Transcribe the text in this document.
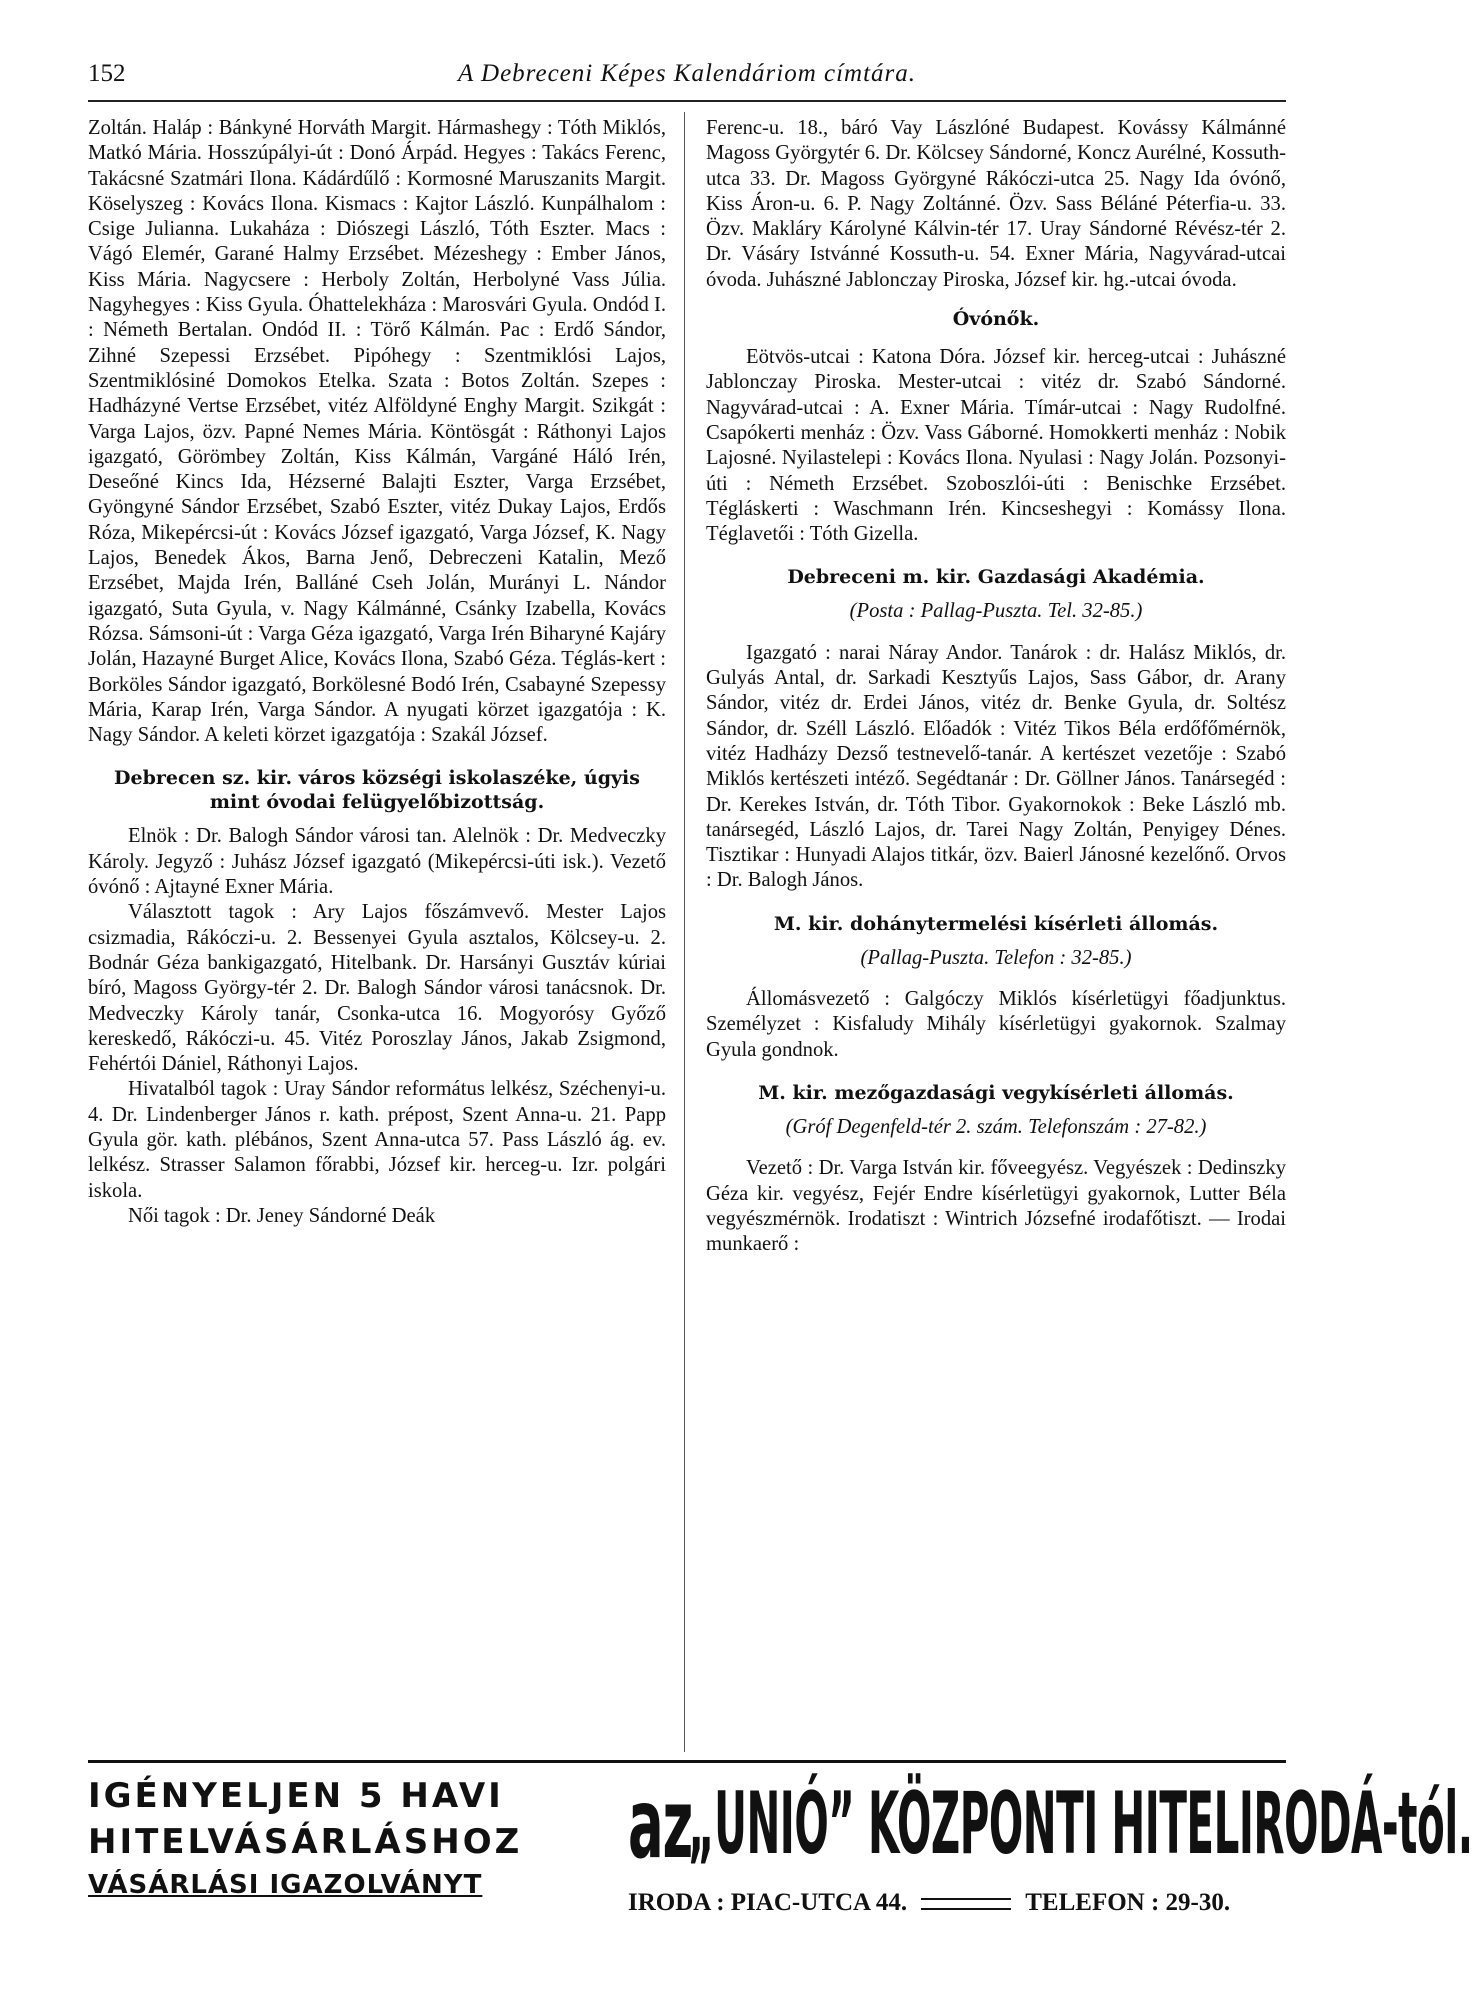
152	A Debreceni Képes Kalendáriom címtára.

Zoltán. Haláp : Bánkyné Horváth Margit. Hármashegy : Tóth Miklós, Matkó Mária. Hosszúpályi-út : Donó Árpád. Hegyes : Takács Ferenc, Takácsné Szatmári Ilona. Kádárdűlő : Kormosné Maruszanits Margit. Köselyszeg : Kovács Ilona. Kismacs : Kajtor László. Kunpálhalom : Csige Julianna. Lukaháza : Diószegi László, Tóth Eszter. Macs : Vágó Elemér, Garané Halmy Erzsébet. Mézeshegy : Ember János, Kiss Mária. Nagycsere : Herboly Zoltán, Herbolyné Vass Júlia. Nagyhegyes : Kiss Gyula. Óhattelekháza : Marosvári Gyula. Ondód I. : Németh Bertalan. Ondód II. : Törő Kálmán. Pac : Erdő Sándor, Zihné Szepessi Erzsébet. Pipóhegy : Szentmiklósi Lajos, Szentmiklósiné Domokos Etelka. Szata : Botos Zoltán. Szepes : Hadházyné Vertse Erzsébet, vitéz Alföldyné Enghy Margit. Szikgát : Varga Lajos, özv. Papné Nemes Mária. Köntösgát : Ráthonyi Lajos igazgató, Görömbey Zoltán, Kiss Kálmán, Vargáné Háló Irén, Deseőné Kincs Ida, Hézserné Balajti Eszter, Varga Erzsébet, Gyöngyné Sándor Erzsébet, Szabó Eszter, vitéz Dukay Lajos, Erdős Róza, Mikepércsi-út : Kovács József igazgató, Varga József, K. Nagy Lajos, Benedek Ákos, Barna Jenő, Debreczeni Katalin, Mező Erzsébet, Majda Irén, Balláné Cseh Jolán, Murányi L. Nándor igazgató, Suta Gyula, v. Nagy Kálmánné, Csánky Izabella, Kovács Rózsa. Sámsoni-út : Varga Géza igazgató, Varga Irén Biharyné Kajáry Jolán, Hazayné Burget Alice, Kovács Ilona, Szabó Géza. Téglás-kert : Borköles Sándor igazgató, Borkölesné Bodó Irén, Csabayné Szepessy Mária, Karap Irén, Varga Sándor. A nyugati körzet igazgatója : K. Nagy Sándor. A keleti körzet igazgatója : Szakál József.

Debrecen sz. kir. város községi iskolaszéke, úgyis mint óvodai felügyelőbizottság.

Elnök : Dr. Balogh Sándor városi tan. Alelnök : Dr. Medveczky Károly. Jegyző : Juhász József igazgató (Mikepércsi-úti isk.). Vezető óvónő : Ajtayné Exner Mária.

Választott tagok : Ary Lajos főszámvevő. Mester Lajos csizmadia, Rákóczi-u. 2. Bessenyei Gyula asztalos, Kölcsey-u. 2. Bodnár Géza bankigazgató, Hitelbank. Dr. Harsányi Gusztáv kúriai bíró, Magoss György-tér 2. Dr. Balogh Sándor városi tanácsnok. Dr. Medveczky Károly tanár, Csonka-utca 16. Mogyorósy Győző kereskedő, Rákóczi-u. 45. Vitéz Poroszlay János, Jakab Zsigmond, Fehértói Dániel, Ráthonyi Lajos.

Hivatalból tagok : Uray Sándor református lelkész, Széchenyi-u. 4. Dr. Lindenberger János r. kath. prépost, Szent Anna-u. 21. Papp Gyula gör. kath. plébános, Szent Anna-utca 57. Pass László ág. ev. lelkész. Strasser Salamon főrabbi, József kir. herceg-u. Izr. polgári iskola.

Női tagok : Dr. Jeney Sándorné Deák

Ferenc-u. 18., báró Vay Lászlóné Budapest. Kovássy Kálmánné Magoss Györgytér 6. Dr. Kölcsey Sándorné, Koncz Aurélné, Kossuth-utca 33. Dr. Magoss Györgyné Rákóczi-utca 25. Nagy Ida óvónő, Kiss Áron-u. 6. P. Nagy Zoltánné. Özv. Sass Béláné Péterfia-u. 33. Özv. Makláry Károlyné Kálvin-tér 17. Uray Sándorné Révész-tér 2. Dr. Vásáry Istvánné Kossuth-u. 54. Exner Mária, Nagyvárad-utcai óvoda. Juhászné Jablonczay Piroska, József kir. hg.-utcai óvoda.

Óvónők.

Eötvös-utcai : Katona Dóra. József kir. herceg-utcai : Juhászné Jablonczay Piroska. Mester-utcai : vitéz dr. Szabó Sándorné. Nagyvárad-utcai : A. Exner Mária. Tímár-utcai : Nagy Rudolfné. Csapókerti menház : Özv. Vass Gáborné. Homokkerti menház : Nobik Lajosné. Nyilastelepi : Kovács Ilona. Nyulasi : Nagy Jolán. Pozsonyi-úti : Németh Erzsébet. Szoboszlói-úti : Benischke Erzsébet. Tégláskerti : Waschmann Irén. Kincseshegyi : Komássy Ilona. Téglavetői : Tóth Gizella.

Debreceni m. kir. Gazdasági Akadémia.
(Posta : Pallag-Puszta. Tel. 32-85.)

Igazgató : narai Náray Andor. Tanárok : dr. Halász Miklós, dr. Gulyás Antal, dr. Sarkadi Kesztyűs Lajos, Sass Gábor, dr. Arany Sándor, vitéz dr. Erdei János, vitéz dr. Benke Gyula, dr. Soltész Sándor, dr. Széll László. Előadók : Vitéz Tikos Béla erdőfőmérnök, vitéz Hadházy Dezső testnevelő-tanár. A kertészet vezetője : Szabó Miklós kertészeti intéző. Segédtanár : Dr. Göllner János. Tanársegéd : Dr. Kerekes István, dr. Tóth Tibor. Gyakornokok : Beke László mb. tanársegéd, László Lajos, dr. Tarei Nagy Zoltán, Penyigey Dénes. Tisztikar : Hunyadi Alajos titkár, özv. Baierl Jánosné kezelőnő. Orvos : Dr. Balogh János.

M. kir. dohánytermelési kísérleti állomás.
(Pallag-Puszta. Telefon : 32-85.)

Állomásvezető : Galgóczy Miklós kísérletügyi főadjunktus. Személyzet : Kisfaludy Mihály kísérletügyi gyakornok. Szalmay Gyula gondnok.

M. kir. mezőgazdasági vegykísérleti állomás.
(Gróf Degenfeld-tér 2. szám. Telefonszám : 27-82.)

Vezető : Dr. Varga István kir. főveegyész. Vegyészek : Dedinszky Géza kir. vegyész, Fejér Endre kísérletügyi gyakornok, Lutter Béla vegyészmérnök. Irodatiszt : Wintrich Józsefné irodafőtiszt. — Irodai munkaerő :

IGÉNYELJEN 5 HAVI
HITELVÁSÁRLÁSHOZ
VÁSÁRLÁSI IGAZOLVÁNYT
az
„UNIÓ” KÖZPONTI HITELIRODÁ-tól.
IRODA : PIAC-UTCA 44.	TELEFON : 29-30.
